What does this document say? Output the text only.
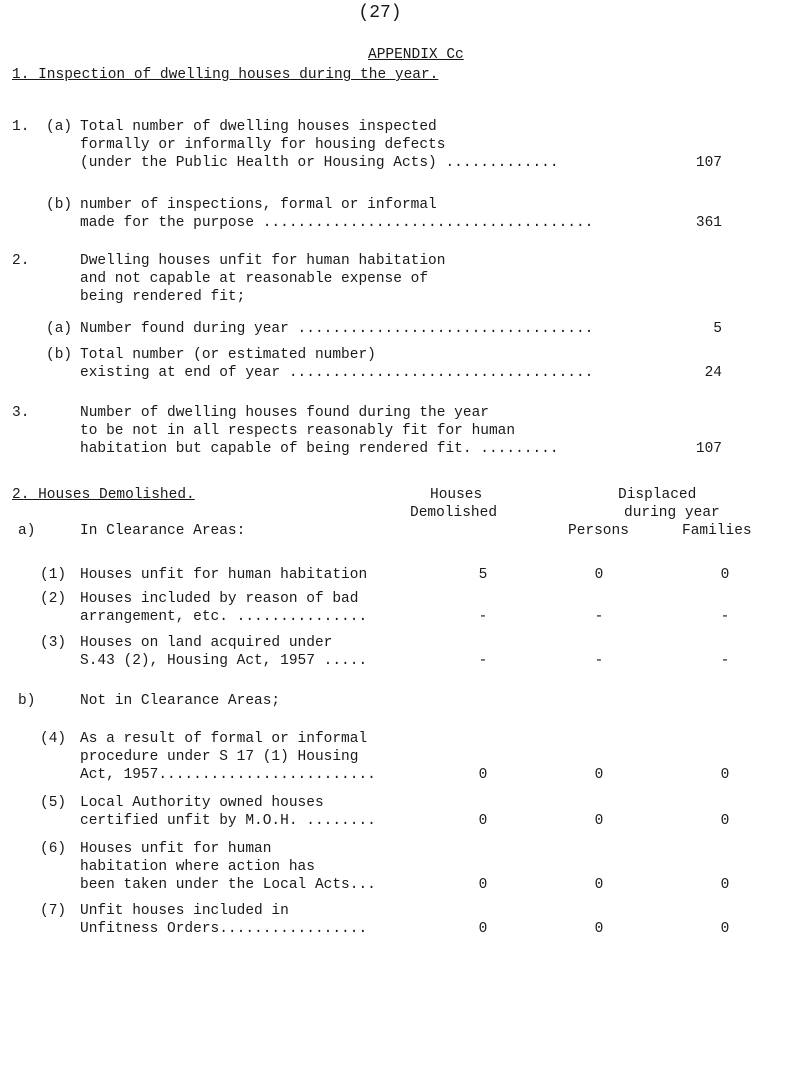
(27)
APPENDIX Cc
1. Inspection of dwelling houses during the year.
1. (a) Total number of dwelling houses inspected
formally or informally for housing defects
(under the Public Health or Housing Acts) .............	107
(b) number of inspections, formal or informal
made for the purpose ......................................	361
2.	Dwelling houses unfit for human habitation
and not capable at reasonable expense of
being rendered fit;
(a) Number found during year ..................................	5
(b) Total number (or estimated number)
existing at end of year ...................................	24
3.	Number of dwelling houses found during the year
to be not in all respects reasonably fit for human
habitation but capable of being rendered fit. .........	107
2. Houses Demolished.	Houses
Demolished
Displaced
during year
a)	In Clearance Areas:	Persons	Families
(1) Houses unfit for human habitation	5	0	0
(2) Houses included by reason of bad
arrangement, etc. ...............	-	-	-
(3) Houses on land acquired under
S.43 (2), Housing Act, 1957 .....	-	-	-
b)	Not in Clearance Areas;
(4) As a result of formal or informal
procedure under S 17 (1) Housing
Act, 1957.........................	0	0	0
(5) Local Authority owned houses
certified unfit by M.O.H. ........	0	0	0
(6) Houses unfit for human
habitation where action has
been taken under the Local Acts...	0	0	0
(7) Unfit houses included in
Unfitness Orders.................	0	0	0
